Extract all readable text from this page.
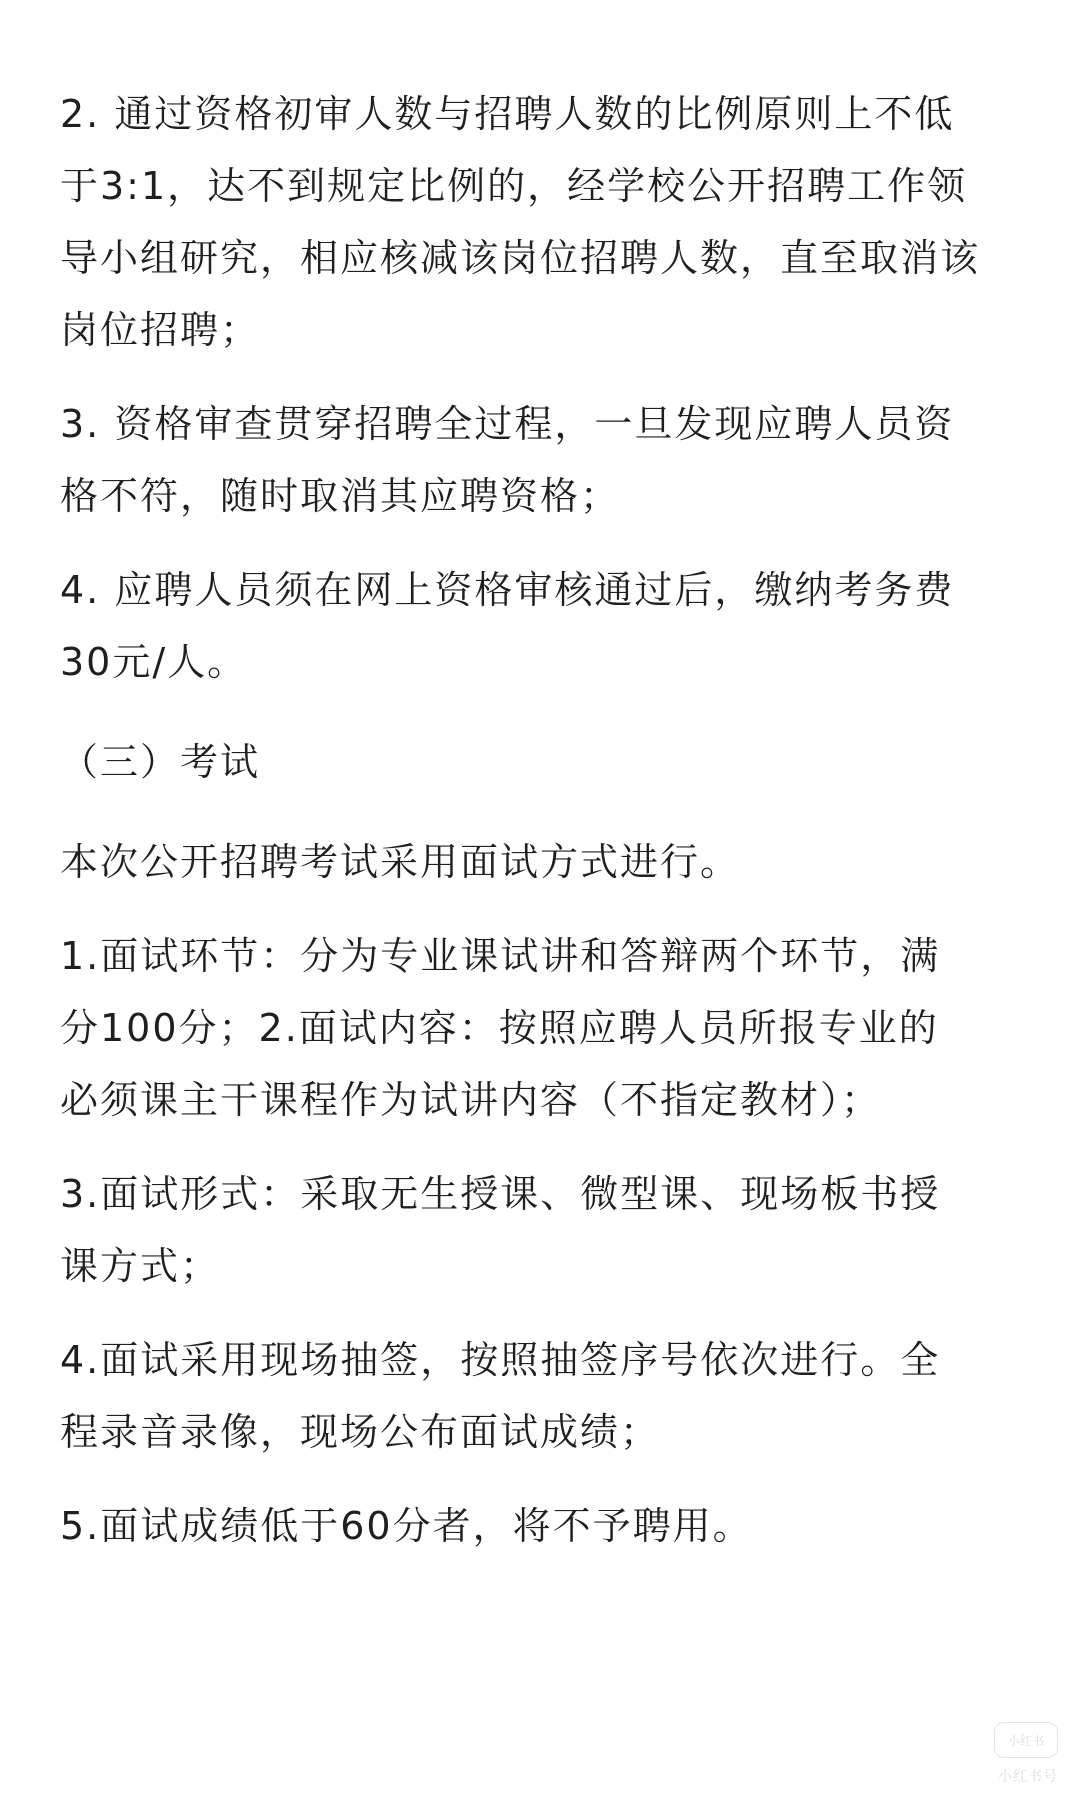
2. 通过资格初审人数与招聘人数的比例原则上不低
于3:1，达不到规定比例的，经学校公开招聘工作领
导小组研究，相应核减该岗位招聘人数，直至取消该
岗位招聘；
3. 资格审查贯穿招聘全过程，一旦发现应聘人员资
格不符，随时取消其应聘资格；
4. 应聘人员须在网上资格审核通过后，缴纳考务费
30元/人。
（三）考试
本次公开招聘考试采用面试方式进行。
1.面试环节：分为专业课试讲和答辩两个环节，满
分100分；2.面试内容：按照应聘人员所报专业的
必须课主干课程作为试讲内容（不指定教材）；
3.面试形式：采取无生授课、微型课、现场板书授
课方式；
4.面试采用现场抽签，按照抽签序号依次进行。全
程录音录像，现场公布面试成绩；
5.面试成绩低于60分者，将不予聘用。
小红书
小红书号
